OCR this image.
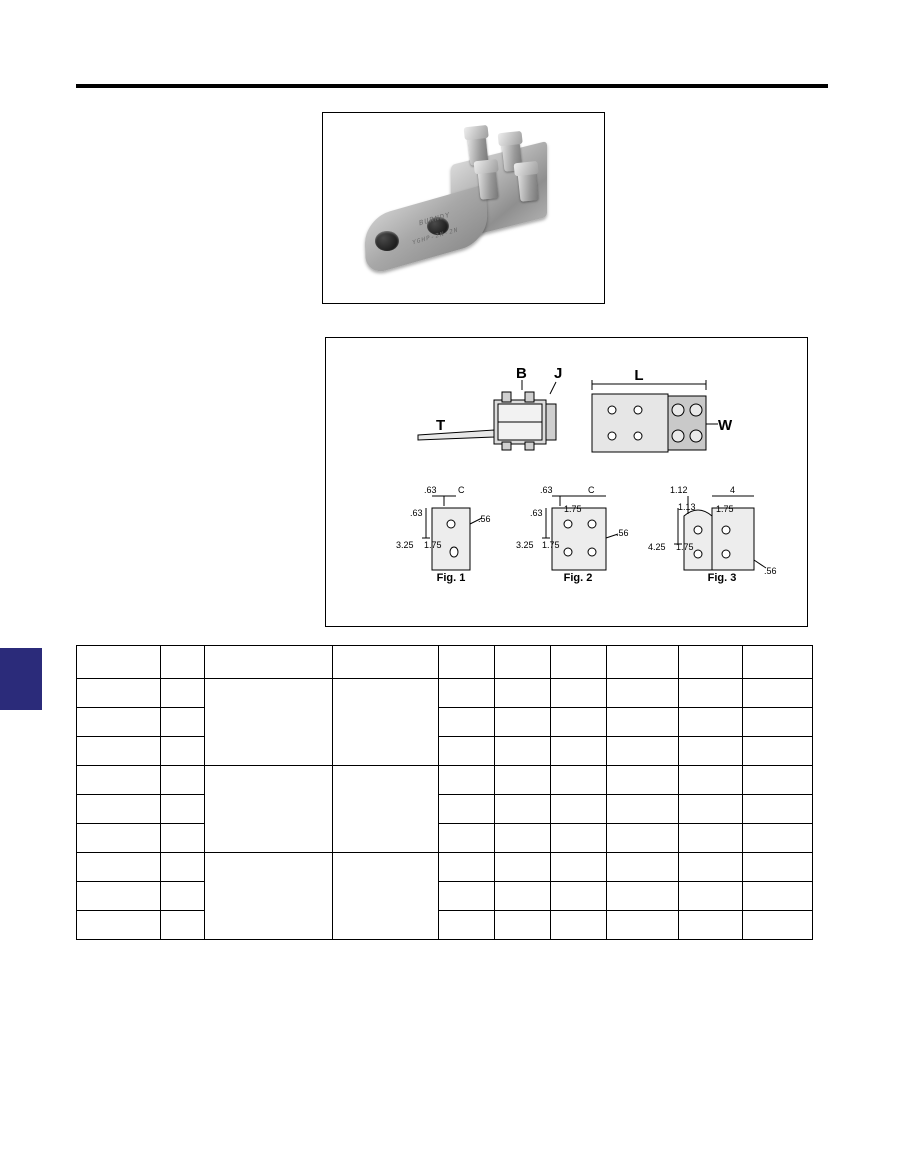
BURNDY
YGHP-2N-2N
T
B J	L
W
.63 C
.63
3.25 1.75
.56
Fig. 1
.63	C
.63
3.25 1.75
1.75
.56
Fig. 2
1.12	4
1.13
4.25 1.75
1.75
.56
Fig. 3
